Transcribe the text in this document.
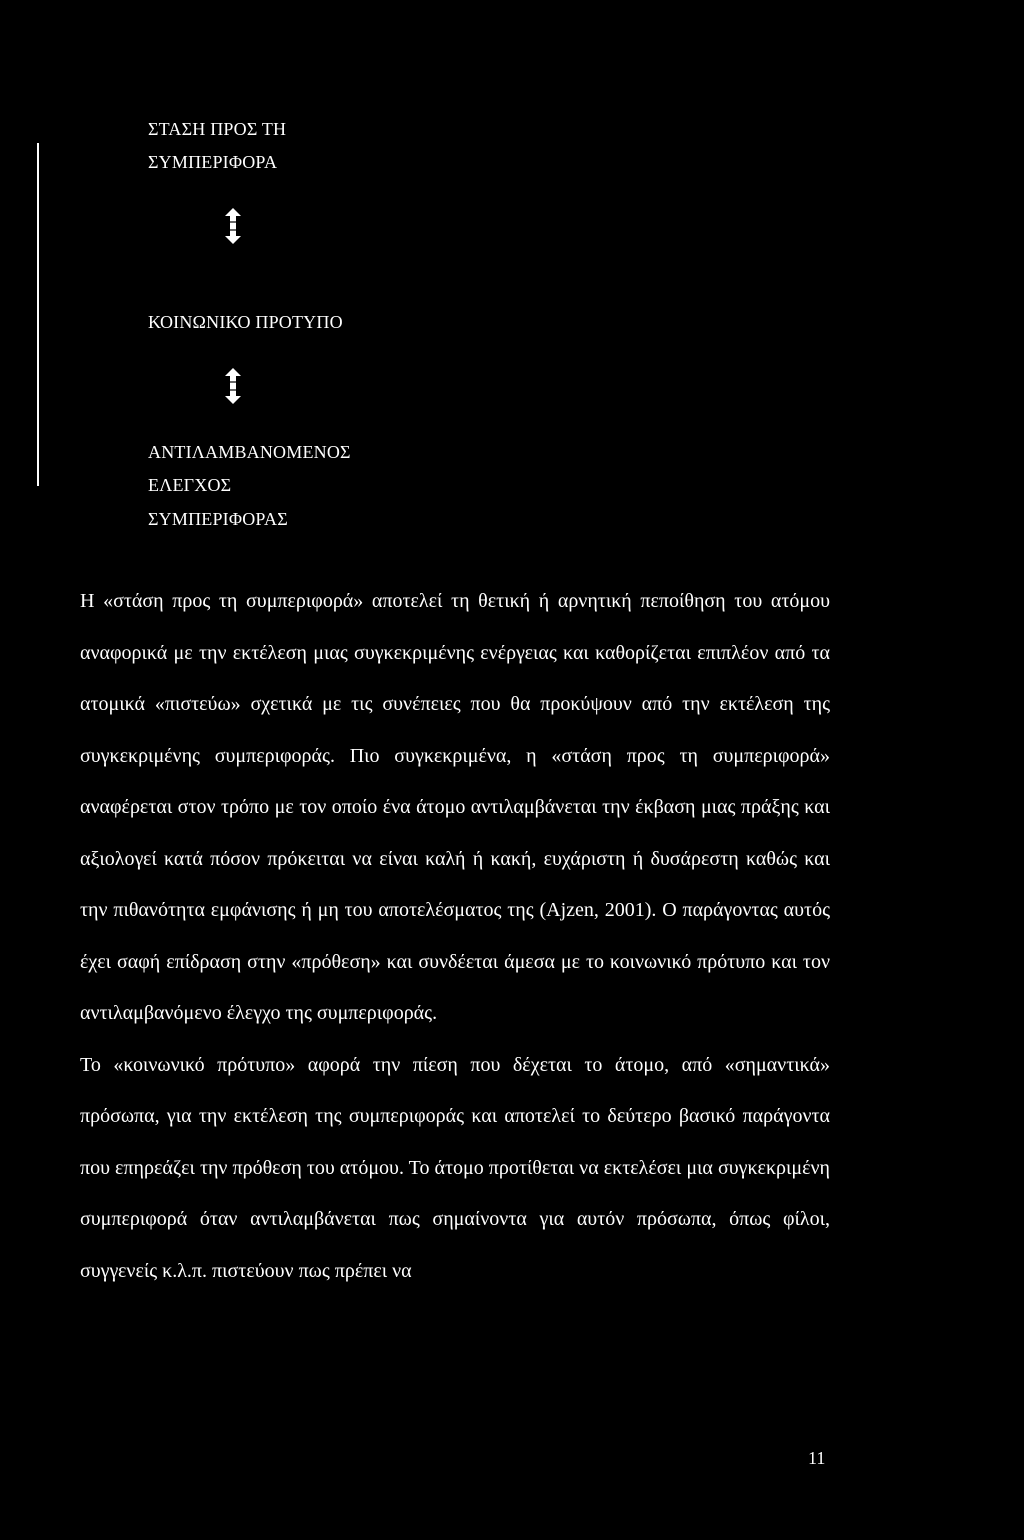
ΣΤΑΣΗ ΠΡΟΣ ΤΗ
ΣΥΜΠΕΡΙΦΟΡΑ
ΚΟΙΝΩΝΙΚΟ ΠΡΟΤΥΠΟ
ΑΝΤΙΛΑΜΒΑΝΟΜΕΝΟΣ
ΕΛΕΓΧΟΣ
ΣΥΜΠΕΡΙΦΟΡΑΣ

Η «στάση προς τη συμπεριφορά» αποτελεί τη θετική ή αρνητική πεποίθηση του ατόμου αναφορικά με την εκτέλεση μιας συγκεκριμένης ενέργειας και καθορίζεται επιπλέον από τα ατομικά «πιστεύω» σχετικά με τις συνέπειες που θα προκύψουν από την εκτέλεση της συγκεκριμένης συμπεριφοράς. Πιο συγκεκριμένα, η «στάση προς τη συμπεριφορά» αναφέρεται στον τρόπο με τον οποίο ένα άτομο αντιλαμβάνεται την έκβαση μιας πράξης και αξιολογεί κατά πόσον πρόκειται να είναι καλή ή κακή, ευχάριστη ή δυσάρεστη καθώς και την πιθανότητα εμφάνισης ή μη του αποτελέσματος της (Ajzen, 2001). Ο παράγοντας αυτός έχει σαφή επίδραση στην «πρόθεση» και συνδέεται άμεσα με το κοινωνικό πρότυπο και τον αντιλαμβανόμενο έλεγχο της συμπεριφοράς.

Το «κοινωνικό πρότυπο» αφορά την πίεση που δέχεται το άτομο, από «σημαντικά» πρόσωπα, για την εκτέλεση της συμπεριφοράς και αποτελεί το δεύτερο βασικό παράγοντα που επηρεάζει την πρόθεση του ατόμου. Το άτομο προτίθεται να εκτελέσει μια συγκεκριμένη συμπεριφορά όταν αντιλαμβάνεται πως σημαίνοντα για αυτόν πρόσωπα, όπως φίλοι, συγγενείς κ.λ.π. πιστεύουν πως πρέπει να

11
